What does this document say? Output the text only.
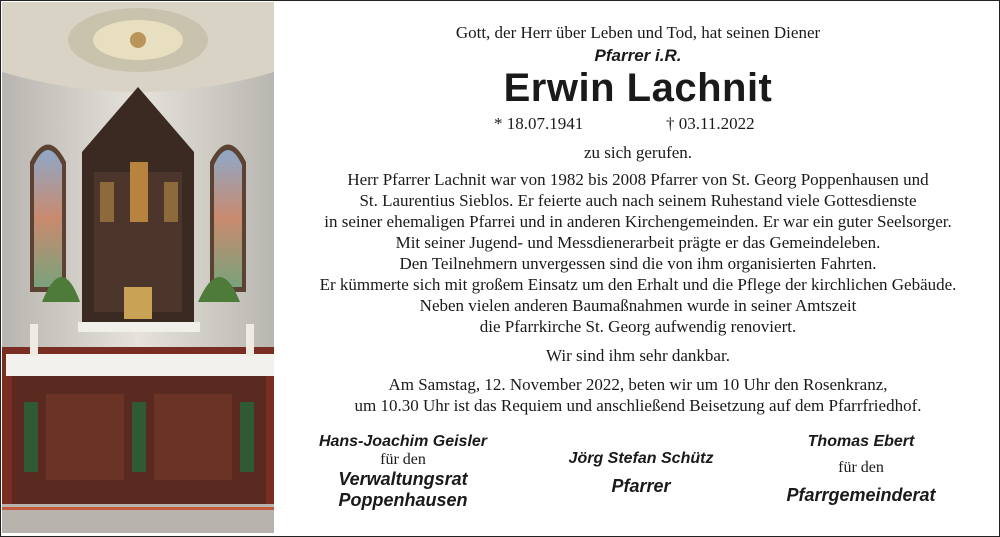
Gott, der Herr über Leben und Tod, hat seinen Diener
Pfarrer i.R.
Erwin Lachnit
* 18.07.1941	† 03.11.2022
zu sich gerufen.
Herr Pfarrer Lachnit war von 1982 bis 2008 Pfarrer von St. Georg Poppenhausen und
St. Laurentius Sieblos. Er feierte auch nach seinem Ruhestand viele Gottesdienste
in seiner ehemaligen Pfarrei und in anderen Kirchengemeinden. Er war ein guter Seelsorger.
Mit seiner Jugend- und Messdienerarbeit prägte er das Gemeindeleben.
Den Teilnehmern unvergessen sind die von ihm organisierten Fahrten.
Er kümmerte sich mit großem Einsatz um den Erhalt und die Pflege der kirchlichen Gebäude.
Neben vielen anderen Baumaßnahmen wurde in seiner Amtszeit
die Pfarrkirche St. Georg aufwendig renoviert.
Wir sind ihm sehr dankbar.
Am Samstag, 12. November 2022, beten wir um 10 Uhr den Rosenkranz,
um 10.30 Uhr ist das Requiem und anschließend Beisetzung auf dem Pfarrfriedhof.
Hans-Joachim Geisler
für den
Verwaltungsrat
Poppenhausen
Jörg Stefan Schütz
Pfarrer
Thomas Ebert
für den
Pfarrgemeinderat
